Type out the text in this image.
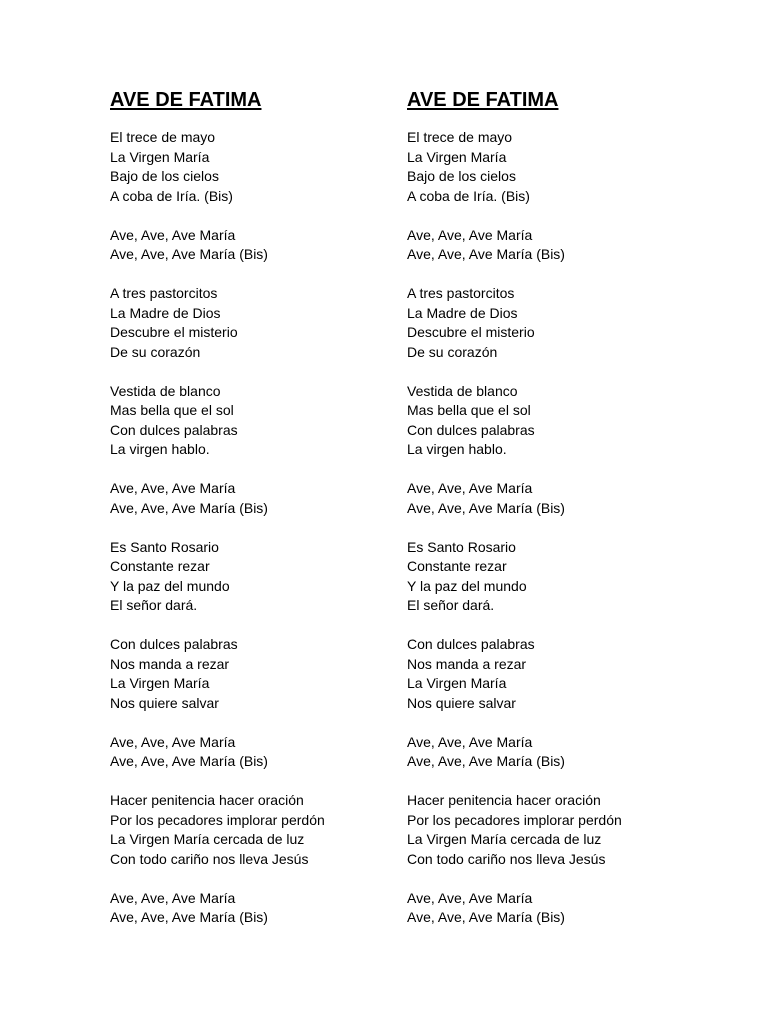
AVE DE FATIMA
El trece de mayo
La Virgen María
Bajo de los cielos
A coba de Iría. (Bis)
Ave, Ave, Ave María
Ave, Ave, Ave María (Bis)
A tres pastorcitos
La Madre de Dios
Descubre el misterio
De su corazón
Vestida de blanco
Mas bella que el sol
Con dulces palabras
La virgen hablo.
Ave, Ave, Ave María
Ave, Ave, Ave María (Bis)
Es Santo Rosario
Constante rezar
Y la paz del mundo
El señor dará.
Con dulces palabras
Nos manda a rezar
La Virgen María
Nos quiere salvar
Ave, Ave, Ave María
Ave, Ave, Ave María (Bis)
Hacer penitencia hacer oración
Por los pecadores implorar perdón
La Virgen María cercada de luz
Con todo cariño nos lleva Jesús
Ave, Ave, Ave María
Ave, Ave, Ave María (Bis)
AVE DE FATIMA
El trece de mayo
La Virgen María
Bajo de los cielos
A coba de Iría. (Bis)
Ave, Ave, Ave María
Ave, Ave, Ave María (Bis)
A tres pastorcitos
La Madre de Dios
Descubre el misterio
De su corazón
Vestida de blanco
Mas bella que el sol
Con dulces palabras
La virgen hablo.
Ave, Ave, Ave María
Ave, Ave, Ave María (Bis)
Es Santo Rosario
Constante rezar
Y la paz del mundo
El señor dará.
Con dulces palabras
Nos manda a rezar
La Virgen María
Nos quiere salvar
Ave, Ave, Ave María
Ave, Ave, Ave María (Bis)
Hacer penitencia hacer oración
Por los pecadores implorar perdón
La Virgen María cercada de luz
Con todo cariño nos lleva Jesús
Ave, Ave, Ave María
Ave, Ave, Ave María (Bis)
